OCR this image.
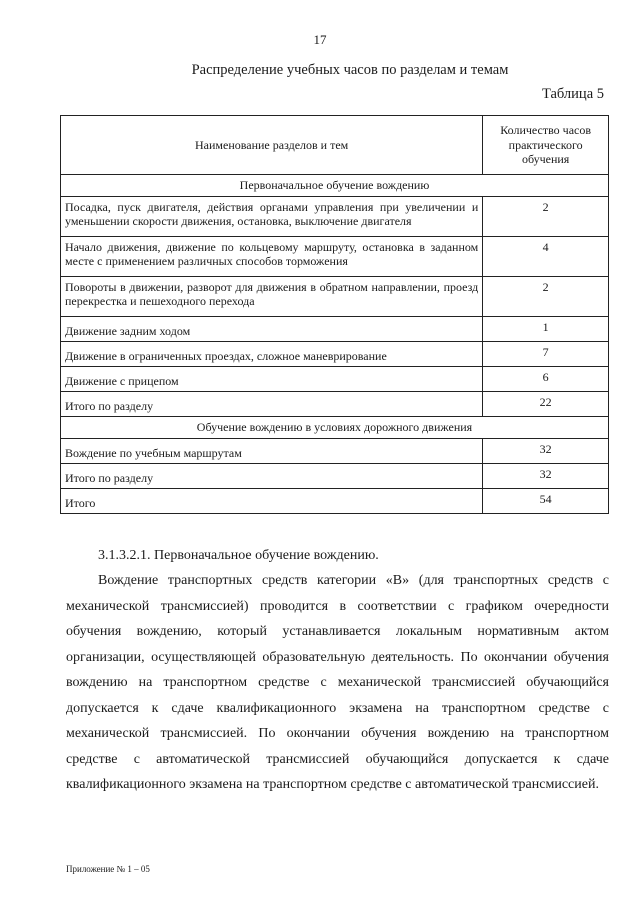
17
Распределение учебных часов по разделам и темам
Таблица 5
Наименование разделов и тем	Количество часов практического обучения
Первоначальное обучение вождению	
Посадка, пуск двигателя, действия органами управления при увеличении и уменьшении скорости движения, остановка, выключение двигателя	2
Начало движения, движение по кольцевому маршруту, остановка в заданном месте с применением различных способов торможения	4
Повороты в движении, разворот для движения в обратном направлении, проезд перекрестка и пешеходного перехода	2
Движение задним ходом	1
Движение в ограниченных проездах, сложное маневрирование	7
Движение с прицепом	6
Итого по разделу	22
Обучение вождению в условиях дорожного движения	
Вождение по учебным маршрутам	32
Итого по разделу	32
Итого	54
3.1.3.2.1. Первоначальное обучение вождению.
Вождение транспортных средств категории «B» (для транспортных средств с механической трансмиссией) проводится в соответствии с графиком очередности обучения вождению, который устанавливается локальным нормативным актом организации, осуществляющей образовательную деятельность. По окончании обучения вождению на транспортном средстве с механической трансмиссией обучающийся допускается к сдаче квалификационного экзамена на транспортном средстве с механической трансмиссией. По окончании обучения вождению на транспортном средстве с автоматической трансмиссией обучающийся допускается к сдаче квалификационного экзамена на транспортном средстве с автоматической трансмиссией.
Приложение № 1 – 05
